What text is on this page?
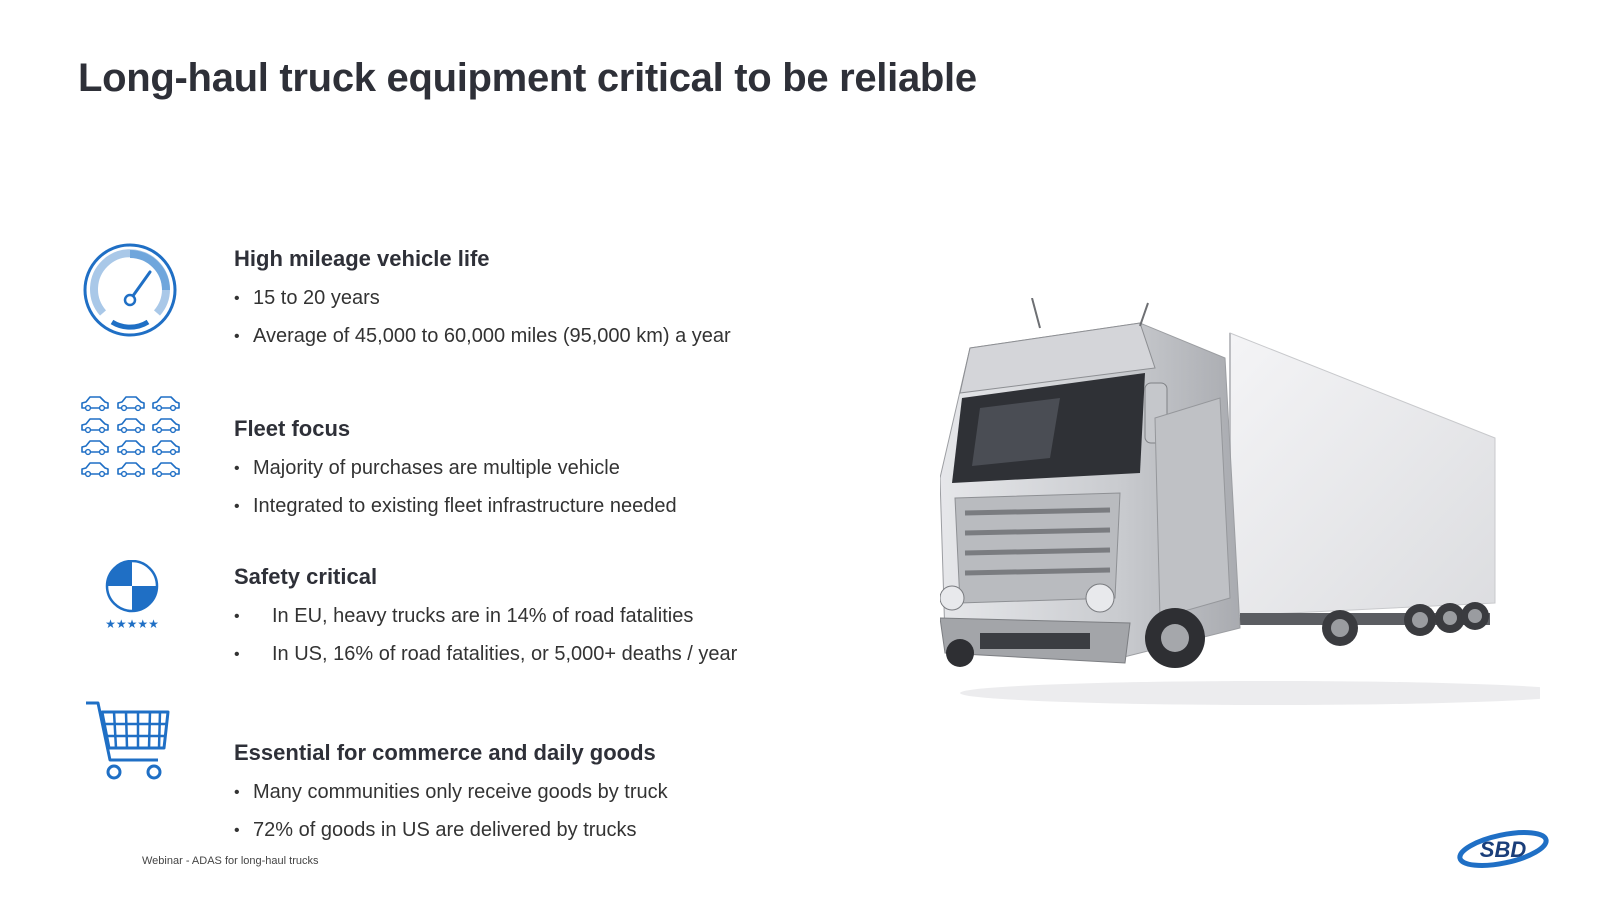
Long-haul truck equipment critical to be reliable
★★★★★
High mileage vehicle life
• 15 to 20 years
• Average of 45,000 to 60,000 miles (95,000 km) a year
Fleet focus
• Majority of purchases are multiple vehicle
• Integrated to existing fleet infrastructure needed
Safety critical
•	In EU, heavy trucks are in 14% of road fatalities
•	In US, 16% of road fatalities, or 5,000+ deaths / year
Essential for commerce and daily goods
• Many communities only receive goods by truck
• 72% of goods in US are delivered by trucks
SBD
Webinar - ADAS for long-haul trucks
